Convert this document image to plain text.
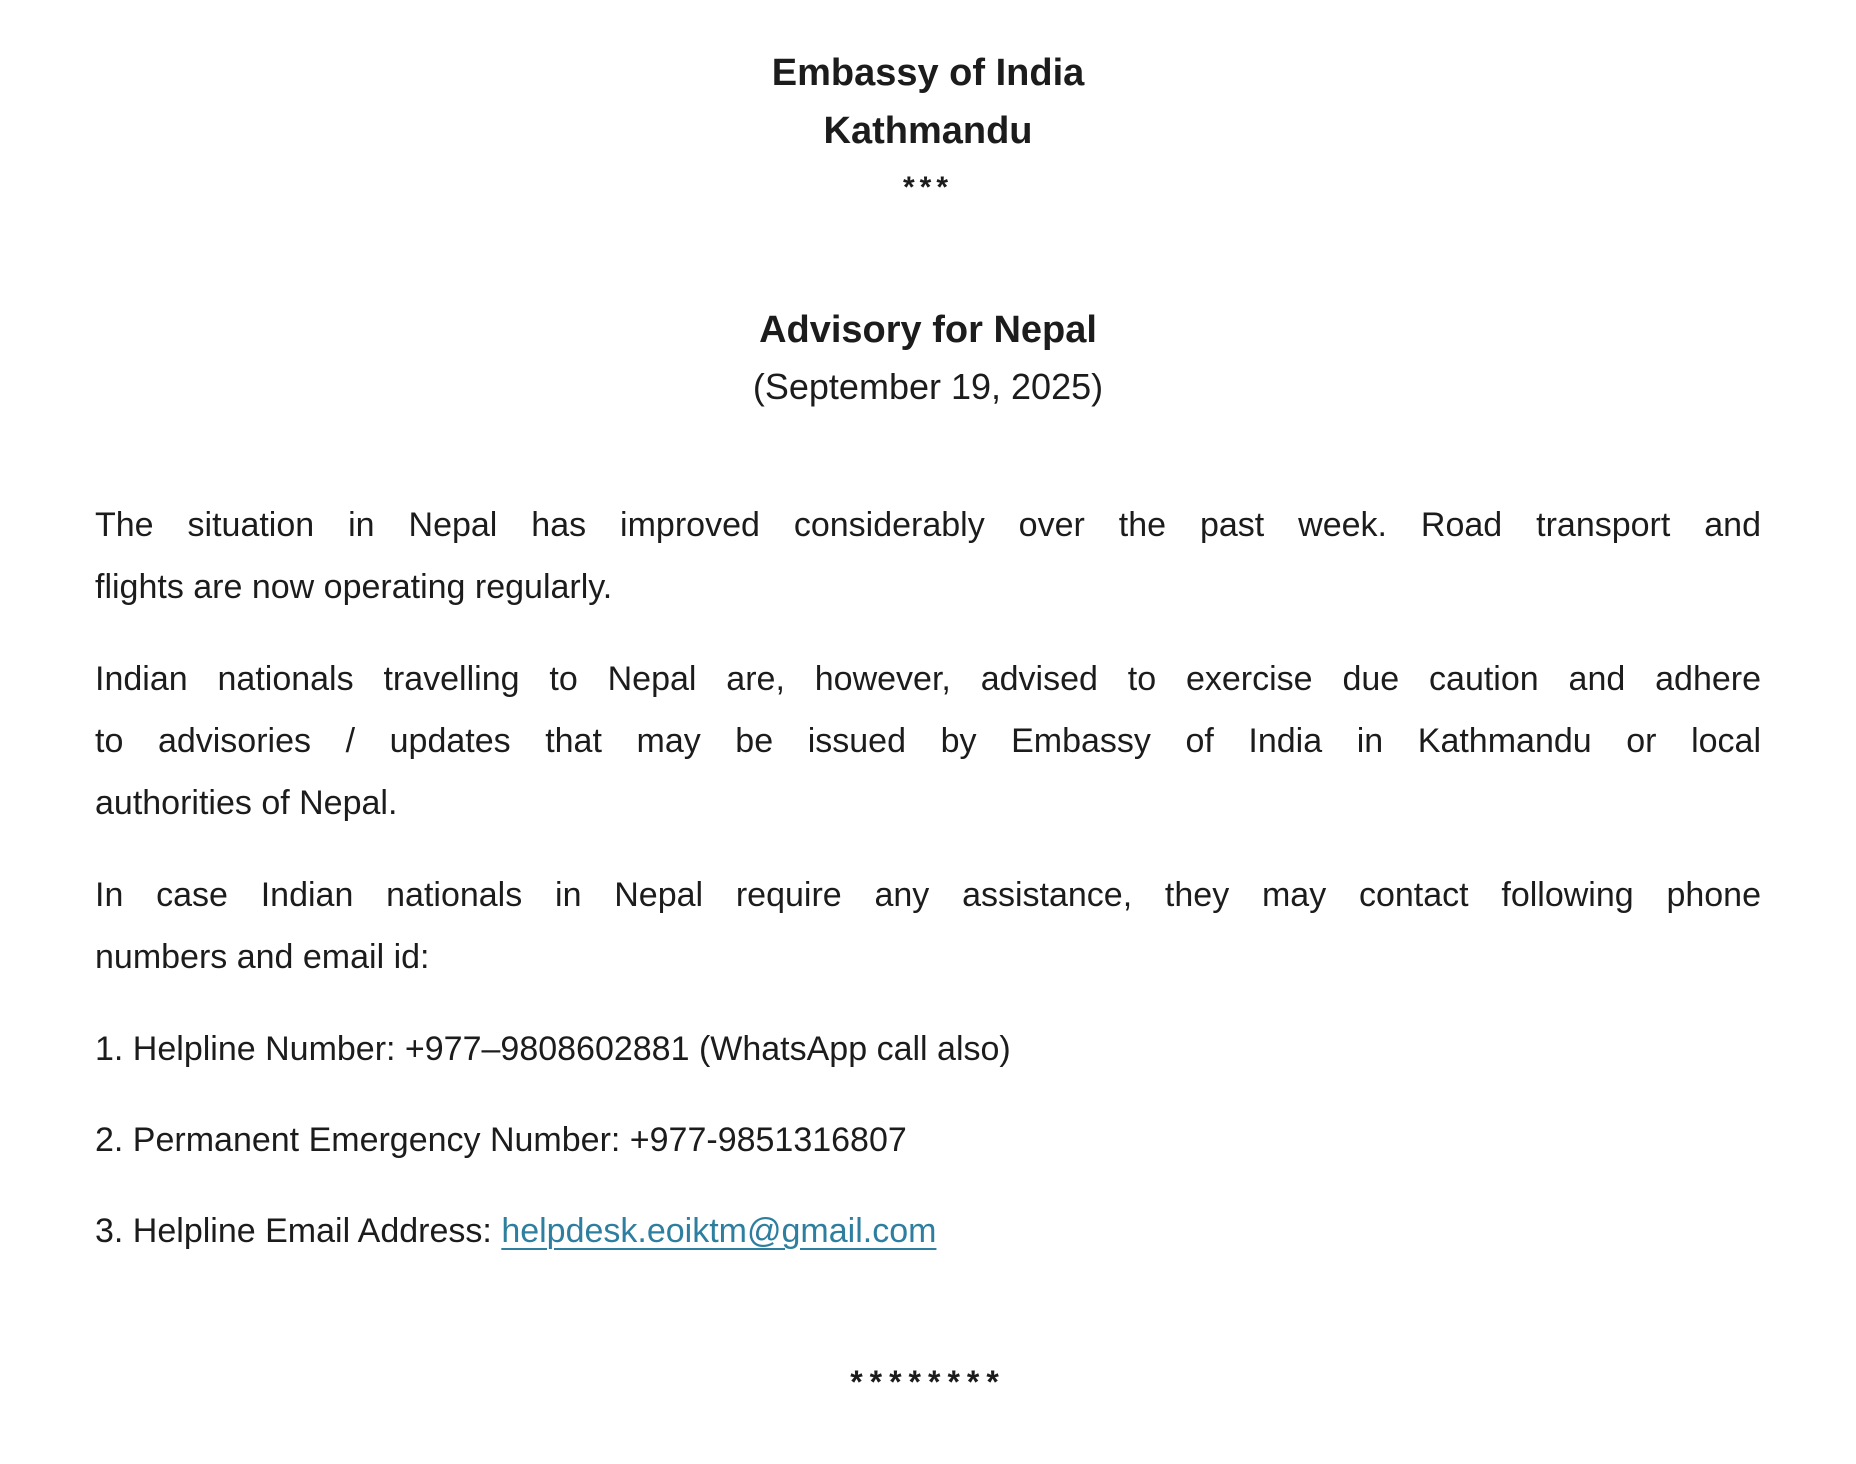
Embassy of India
Kathmandu
***
Advisory for Nepal
(September 19, 2025)
The situation in Nepal has improved considerably over the past week. Road transport and
flights are now operating regularly.
Indian nationals travelling to Nepal are, however, advised to exercise due caution and adhere
to advisories / updates that may be issued by Embassy of India in Kathmandu or local
authorities of Nepal.
In case Indian nationals in Nepal require any assistance, they may contact following phone
numbers and email id:
1. Helpline Number: +977–9808602881 (WhatsApp call also)
2. Permanent Emergency Number: +977-9851316807
3. Helpline Email Address: helpdesk.eoiktm@gmail.com
********
